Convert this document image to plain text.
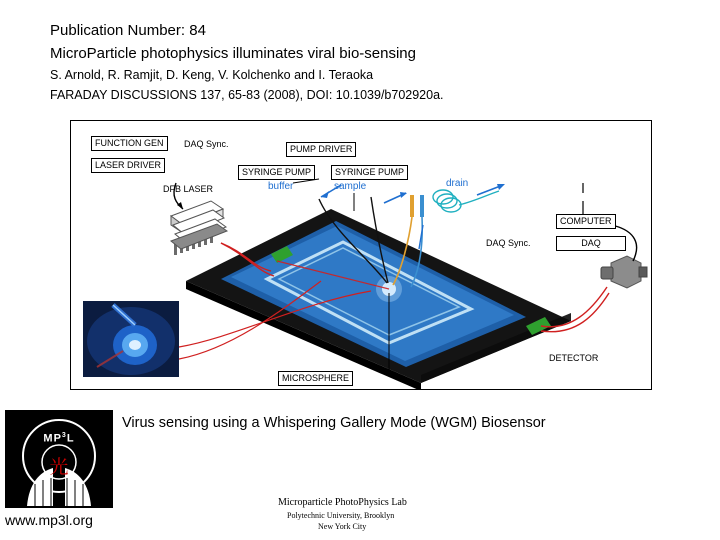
Publication Number: 84
MicroParticle photophysics illuminates viral bio-sensing
S. Arnold, R. Ramjit, D. Keng, V. Kolchenko and I. Teraoka
FARADAY DISCUSSIONS 137, 65-83 (2008), DOI: 10.1039/b702920a.
FUNCTION GEN	DAQ Sync.
LASER DRIVER
PUMP DRIVER
SYRINGE PUMP	SYRINGE PUMP
buffer	sample	drain
DFB LASER
COMPUTER
DAQ
DAQ Sync.
DETECTOR
MICROSPHERE
Virus sensing using a Whispering Gallery Mode (WGM) Biosensor
$MP^3L$
光
www.mp3l.org
Microparticle PhotoPhysics Lab
Polytechnic University, Brooklyn
New York City
